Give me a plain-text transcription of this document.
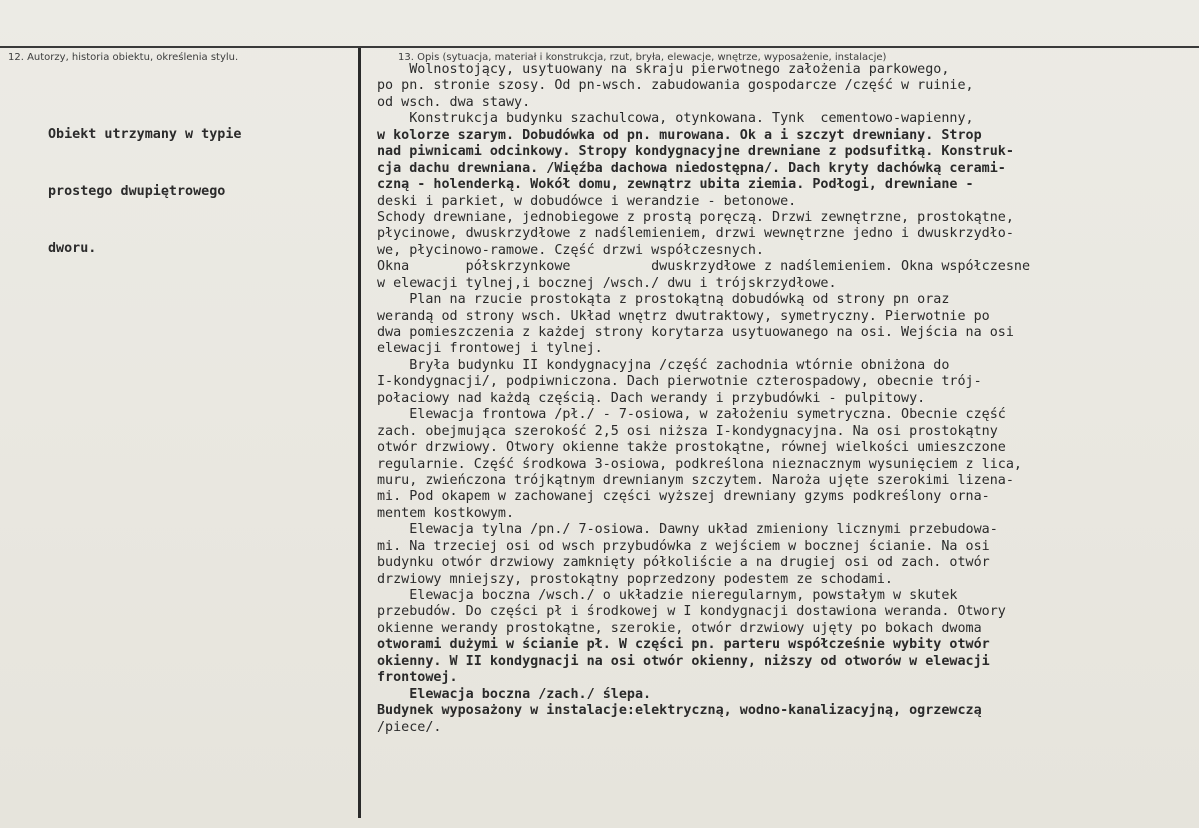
12. Autorzy, historia obiektu, określenia stylu.	13. Opis (sytuacja, materiał i konstrukcja, rzut, bryła, elewacje, wnętrze, wyposażenie, instalacje)

Obiekt utrzymany w typie

prostego dwupiętrowego

dworu.

Wolnostojący, usytuowany na skraju pierwotnego założenia parkowego,
po pn. stronie szosy. Od pn-wsch. zabudowania gospodarcze /część w ruinie,
od wsch. dwa stawy.
Konstrukcja budynku szachulcowa, otynkowana. Tynk  cementowo-wapienny,
w kolorze szarym. Dobudówka od pn. murowana. Ok a i szczyt drewniany. Strop
nad piwnicami odcinkowy. Stropy kondygnacyjne drewniane z podsufitką. Konstruk-
cja dachu drewniana. /Więźba dachowa niedostępna/. Dach kryty dachówką cerami-
czną - holenderką. Wokół domu, zewnątrz ubita ziemia. Podłogi, drewniane -
deski i parkiet, w dobudówce i werandzie - betonowe.
Schody drewniane, jednobiegowe z prostą poręczą. Drzwi zewnętrzne, prostokątne,
płycinowe, dwuskrzydłowe z nadślemieniem, drzwi wewnętrzne jedno i dwuskrzydło-
we, płycinowo-ramowe. Część drzwi współczesnych.
Okna       półskrzynkowe          dwuskrzydłowe z nadślemieniem. Okna współczesne
w elewacji tylnej,i bocznej /wsch./ dwu i trójskrzydłowe.
Plan na rzucie prostokąta z prostokątną dobudówką od strony pn oraz
werandą od strony wsch. Układ wnętrz dwutraktowy, symetryczny. Pierwotnie po
dwa pomieszczenia z każdej strony korytarza usytuowanego na osi. Wejścia na osi
elewacji frontowej i tylnej.
Bryła budynku II kondygnacyjna /część zachodnia wtórnie obniżona do
I-kondygnacji/, podpiwniczona. Dach pierwotnie czterospadowy, obecnie trój-
połaciowy nad każdą częścią. Dach werandy i przybudówki - pulpitowy.
Elewacja frontowa /pł./ - 7-osiowa, w założeniu symetryczna. Obecnie część
zach. obejmująca szerokość 2,5 osi niższa I-kondygnacyjna. Na osi prostokątny
otwór drzwiowy. Otwory okienne także prostokątne, równej wielkości umieszczone
regularnie. Część środkowa 3-osiowa, podkreślona nieznacznym wysunięciem z lica,
muru, zwieńczona trójkątnym drewnianym szczytem. Naroża ujęte szerokimi lizena-
mi. Pod okapem w zachowanej części wyższej drewniany gzyms podkreślony orna-
mentem kostkowym.
Elewacja tylna /pn./ 7-osiowa. Dawny układ zmieniony licznymi przebudowa-
mi. Na trzeciej osi od wsch przybudówka z wejściem w bocznej ścianie. Na osi
budynku otwór drzwiowy zamknięty półkoliście a na drugiej osi od zach. otwór
drzwiowy mniejszy, prostokątny poprzedzony podestem ze schodami.
Elewacja boczna /wsch./ o układzie nieregularnym, powstałym w skutek
przebudów. Do części pł i środkowej w I kondygnacji dostawiona weranda. Otwory
okienne werandy prostokątne, szerokie, otwór drzwiowy ujęty po bokach dwoma
otworami dużymi w ścianie pł. W części pn. parteru współcześnie wybity otwór
okienny. W II kondygnacji na osi otwór okienny, niższy od otworów w elewacji
frontowej.
Elewacja boczna /zach./ ślepa.
Budynek wyposażony w instalacje:elektryczną, wodno-kanalizacyjną, ogrzewczą
/piece/.
